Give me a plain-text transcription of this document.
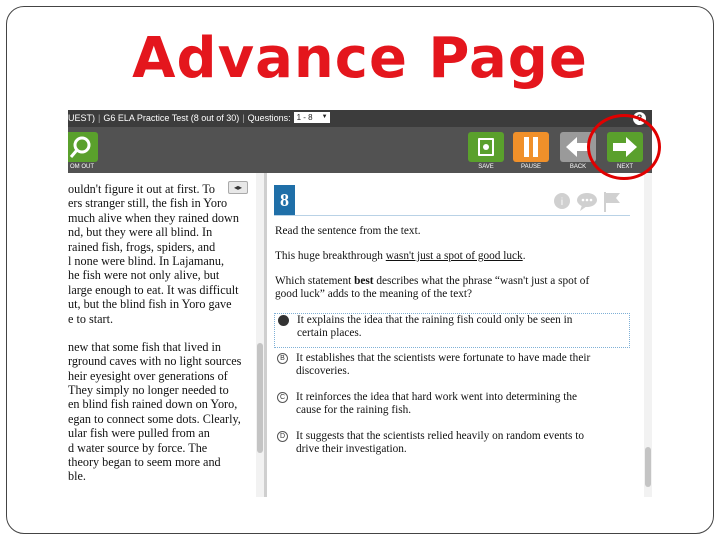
Advance Page
UEST) | G6 ELA Practice Test (8 out of 30) | Questions: 1 - 8 ▼	?
OM OUT	SAVE	PAUSE	BACK	NEXT
ouldn't figure it out at first. To
ers stranger still, the fish in Yoro
much alive when they rained down
nd, but they were all blind. In
rained fish, frogs, spiders, and
l none were blind. In Lajamanu,
he fish were not only alive, but
large enough to eat. It was difficult
ut, but the blind fish in Yoro gave
e to start.
new that some fish that lived in
rground caves with no light sources
heir eyesight over generations of
They simply no longer needed to
en blind fish rained down on Yoro,
egan to connect some dots. Clearly,
ular fish were pulled from an
d water source by force. The
theory began to seem more and
ble.
◂▸
8	i
Read the sentence from the text.
This huge breakthrough wasn't just a spot of good luck.
Which statement best describes what the phrase “wasn't just a spot of
good luck” adds to the meaning of the text?
A It explains the idea that the raining fish could only be seen in
certain places.
B It establishes that the scientists were fortunate to have made their
discoveries.
C It reinforces the idea that hard work went into determining the
cause for the raining fish.
D It suggests that the scientists relied heavily on random events to
drive their investigation.
